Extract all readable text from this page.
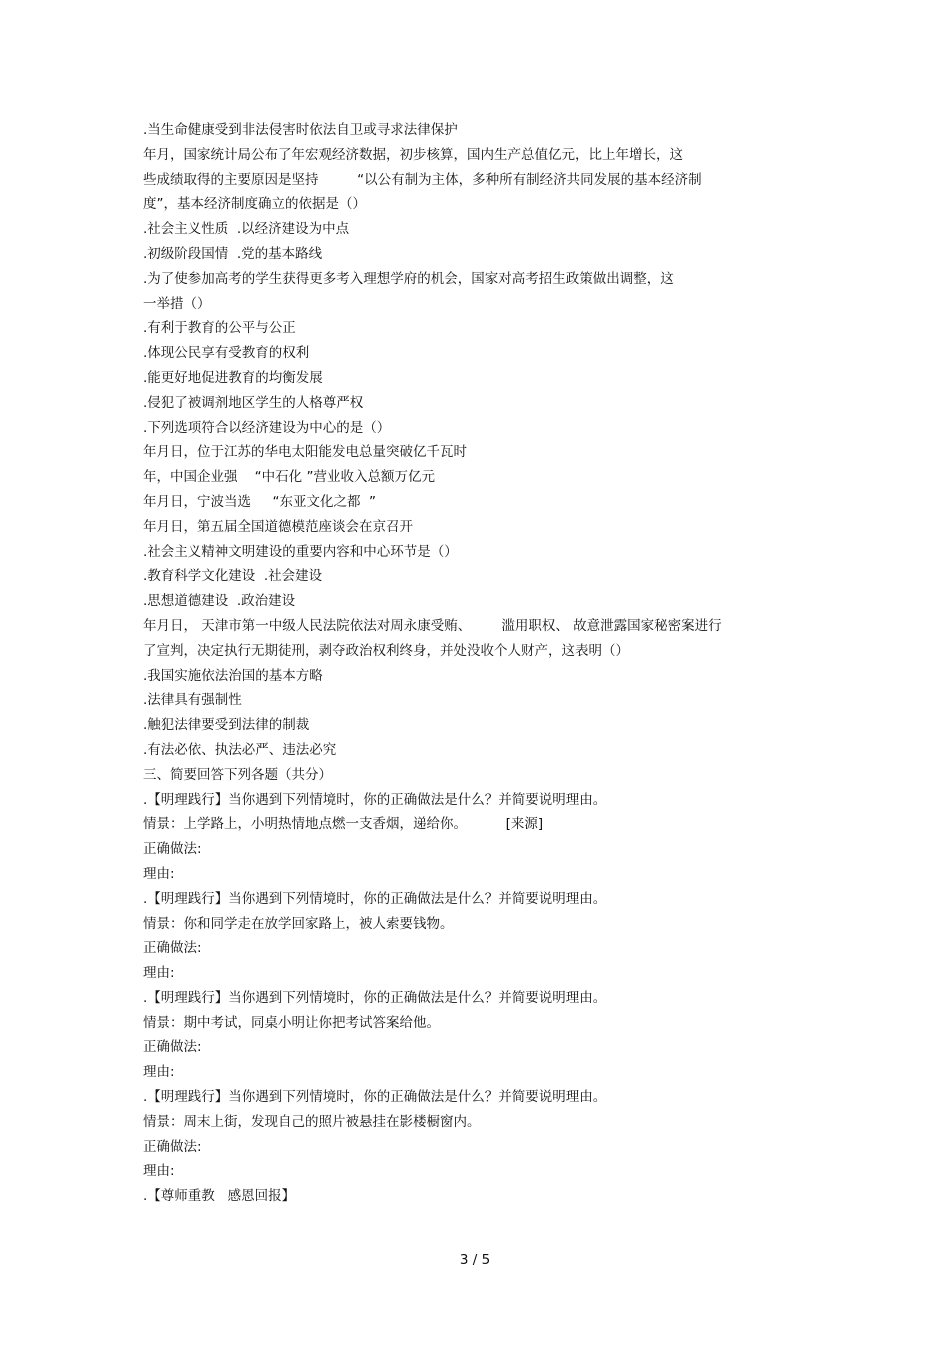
.当生命健康受到非法侵害时依法自卫或寻求法律保护
年月，国家统计局公布了年宏观经济数据，初步核算，国内生产总值亿元，比上年增长，这
些成绩取得的主要原因是坚持         “以公有制为主体，多种所有制经济共同发展的基本经济制
度”，基本经济制度确立的依据是（）
.社会主义性质  .以经济建设为中点
.初级阶段国情  .党的基本路线
.为了使参加高考的学生获得更多考入理想学府的机会，国家对高考招生政策做出调整，这
一举措（）
.有利于教育的公平与公正
.体现公民享有受教育的权利
.能更好地促进教育的均衡发展
.侵犯了被调剂地区学生的人格尊严权
.下列选项符合以经济建设为中心的是（）
年月日，位于江苏的华电太阳能发电总量突破亿千瓦时
年，中国企业强    “中石化 ”营业收入总额万亿元
年月日，宁波当选     “东亚文化之都  ”
年月日，第五届全国道德模范座谈会在京召开
.社会主义精神文明建设的重要内容和中心环节是（）
.教育科学文化建设  .社会建设
.思想道德建设  .政治建设
年月日， 天津市第一中级人民法院依法对周永康受贿、       滥用职权、 故意泄露国家秘密案进行
了宣判，决定执行无期徒刑，剥夺政治权利终身，并处没收个人财产，这表明（）
.我国实施依法治国的基本方略
.法律具有强制性
.触犯法律要受到法律的制裁
.有法必依、执法必严、违法必究
三、简要回答下列各题（共分）
.【明理践行】当你遇到下列情境时，你的正确做法是什么？并简要说明理由。
情景：上学路上，小明热情地点燃一支香烟，递给你。         [来源]
正确做法:
理由:
.【明理践行】当你遇到下列情境时，你的正确做法是什么？并简要说明理由。
情景：你和同学走在放学回家路上，被人索要钱物。
正确做法:
理由:
.【明理践行】当你遇到下列情境时，你的正确做法是什么？并简要说明理由。
情景：期中考试，同桌小明让你把考试答案给他。
正确做法:
理由:
.【明理践行】当你遇到下列情境时，你的正确做法是什么？并简要说明理由。
情景：周末上街，发现自己的照片被悬挂在影楼橱窗内。
正确做法:
理由:
.【尊师重教   感恩回报】
3 / 5
